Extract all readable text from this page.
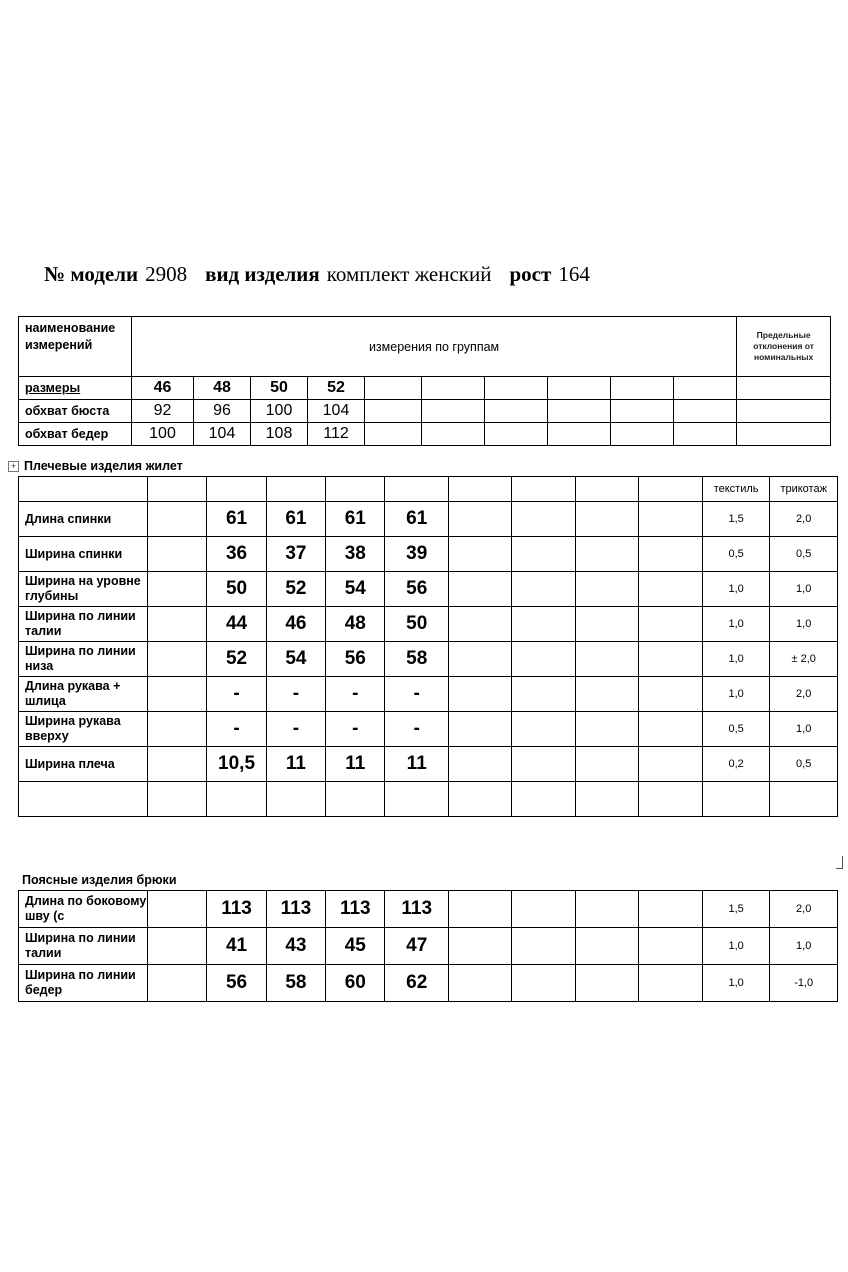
№ модели 2908 вид изделия комплект женский рост 164
наименование
измерений	измерения по группам										Предельные
отклонения от
номинальных
размеры	46	48	50	52							
обхват бюста	92	96	100	104							
обхват бедер	100	104	108	112							
+ Плечевые изделия жилет
										текстиль	трикотаж
Длина спинки		61	61	61	61					1,5	2,0
Ширина спинки		36	37	38	39					0,5	0,5
Ширина на уровне глубины		50	52	54	56					1,0	1,0
Ширина по линии талии		44	46	48	50					1,0	1,0
Ширина по линии низа		52	54	56	58					1,0	± 2,0
Длина рукава + шлица		-	-	-	-					1,0	2,0
Ширина рукава вверху		-	-	-	-					0,5	1,0
Ширина плеча		10,5	11	11	11					0,2	0,5

Поясные изделия брюки
Длина по боковому шву (с		113	113	113	113					1,5	2,0
Ширина по линии талии		41	43	45	47					1,0	1,0
Ширина по линии бедер		56	58	60	62					1,0	-1,0
